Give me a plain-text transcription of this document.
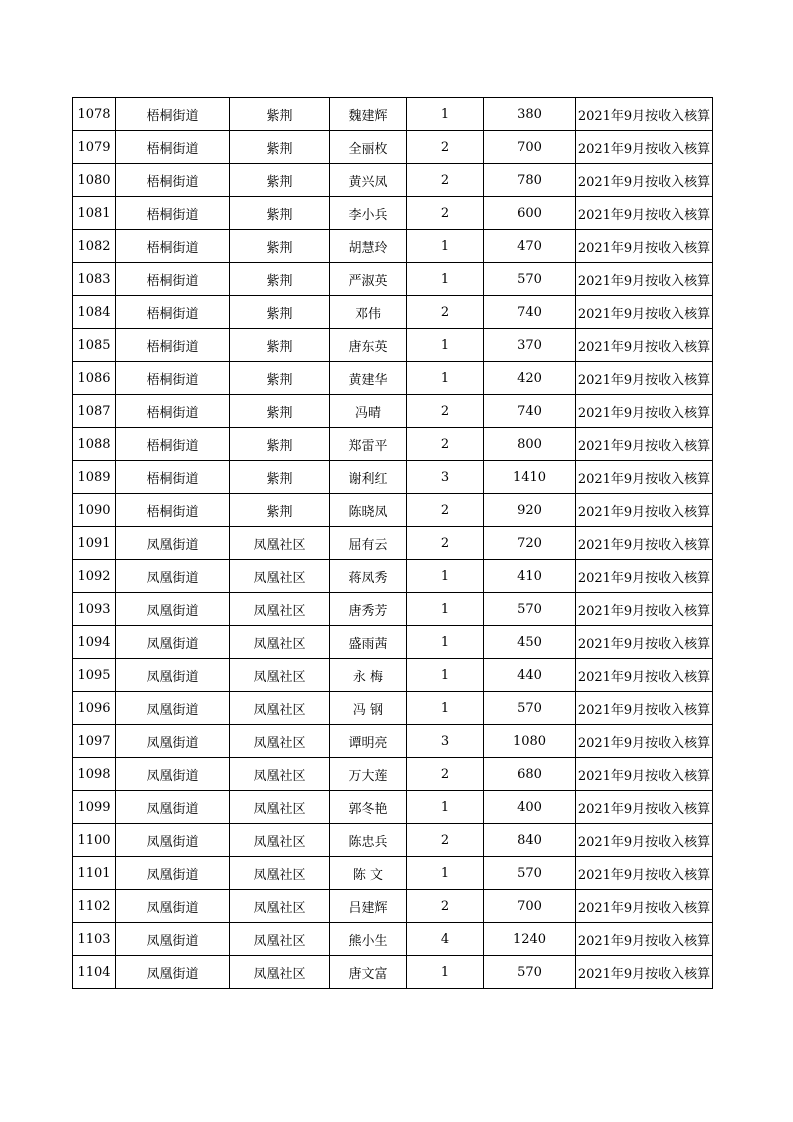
1078	梧桐街道	紫荆	魏建辉	1	380	2021年9月按收入核算
1079	梧桐街道	紫荆	全丽枚	2	700	2021年9月按收入核算
1080	梧桐街道	紫荆	黄兴凤	2	780	2021年9月按收入核算
1081	梧桐街道	紫荆	李小兵	2	600	2021年9月按收入核算
1082	梧桐街道	紫荆	胡慧玲	1	470	2021年9月按收入核算
1083	梧桐街道	紫荆	严淑英	1	570	2021年9月按收入核算
1084	梧桐街道	紫荆	邓伟	2	740	2021年9月按收入核算
1085	梧桐街道	紫荆	唐东英	1	370	2021年9月按收入核算
1086	梧桐街道	紫荆	黄建华	1	420	2021年9月按收入核算
1087	梧桐街道	紫荆	冯晴	2	740	2021年9月按收入核算
1088	梧桐街道	紫荆	郑雷平	2	800	2021年9月按收入核算
1089	梧桐街道	紫荆	谢利红	3	1410	2021年9月按收入核算
1090	梧桐街道	紫荆	陈晓凤	2	920	2021年9月按收入核算
1091	凤凰街道	凤凰社区	屈有云	2	720	2021年9月按收入核算
1092	凤凰街道	凤凰社区	蒋凤秀	1	410	2021年9月按收入核算
1093	凤凰街道	凤凰社区	唐秀芳	1	570	2021年9月按收入核算
1094	凤凰街道	凤凰社区	盛雨茜	1	450	2021年9月按收入核算
1095	凤凰街道	凤凰社区	永 梅	1	440	2021年9月按收入核算
1096	凤凰街道	凤凰社区	冯 钢	1	570	2021年9月按收入核算
1097	凤凰街道	凤凰社区	谭明亮	3	1080	2021年9月按收入核算
1098	凤凰街道	凤凰社区	万大莲	2	680	2021年9月按收入核算
1099	凤凰街道	凤凰社区	郭冬艳	1	400	2021年9月按收入核算
1100	凤凰街道	凤凰社区	陈忠兵	2	840	2021年9月按收入核算
1101	凤凰街道	凤凰社区	陈 文	1	570	2021年9月按收入核算
1102	凤凰街道	凤凰社区	吕建辉	2	700	2021年9月按收入核算
1103	凤凰街道	凤凰社区	熊小生	4	1240	2021年9月按收入核算
1104	凤凰街道	凤凰社区	唐文富	1	570	2021年9月按收入核算
